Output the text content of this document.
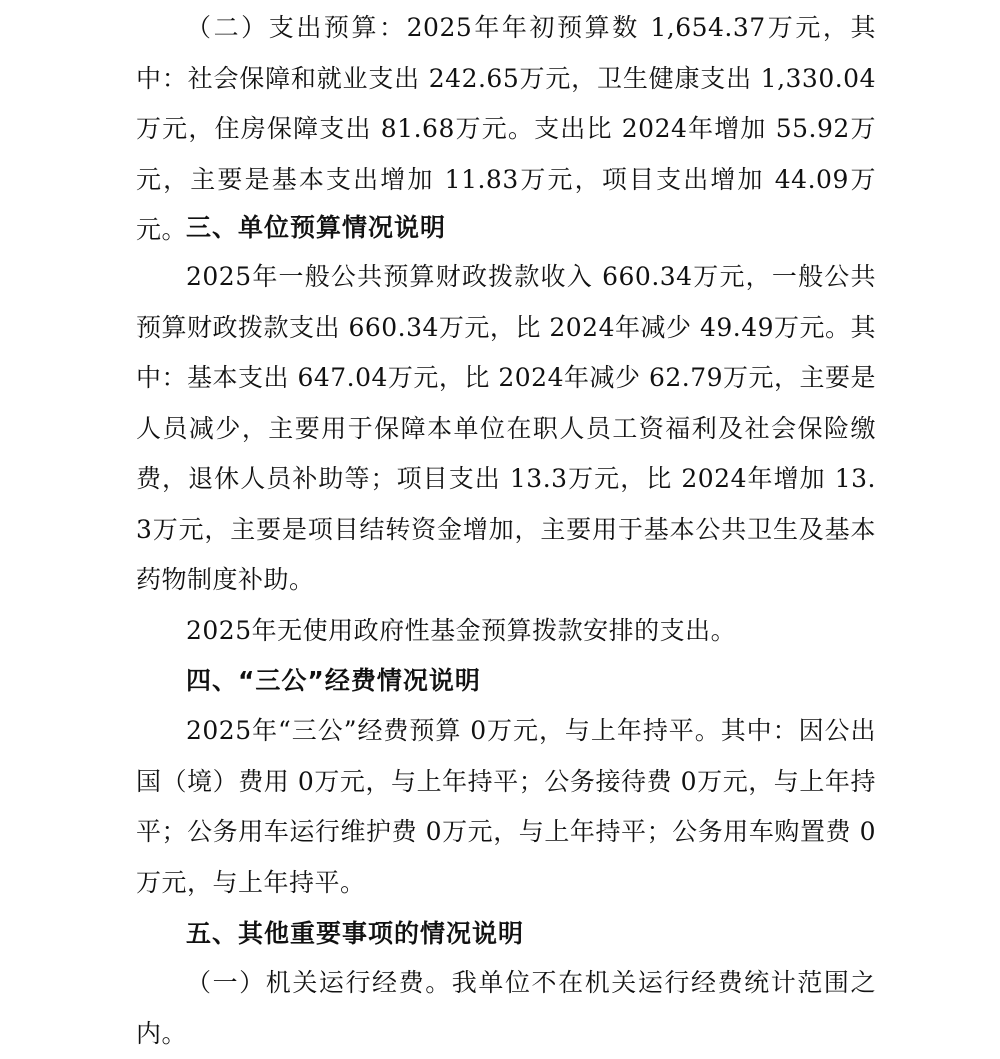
（二）支出预算：2025年年初预算数 1,654.37万元，其中：社会保障和就业支出 242.65万元，卫生健康支出 1,330.04万元，住房保障支出 81.68万元。支出比 2024年增加 55.92万元，主要是基本支出增加 11.83万元，项目支出增加 44.09万元。

三、单位预算情况说明

2025年一般公共预算财政拨款收入 660.34万元，一般公共预算财政拨款支出 660.34万元，比 2024年减少 49.49万元。其中：基本支出 647.04万元，比 2024年减少 62.79万元，主要是人员减少，主要用于保障本单位在职人员工资福利及社会保险缴费，退休人员补助等；项目支出 13.3万元，比 2024年增加 13.3万元，主要是项目结转资金增加，主要用于基本公共卫生及基本药物制度补助。

2025年无使用政府性基金预算拨款安排的支出。

四、“三公”经费情况说明

2025年“三公”经费预算 0万元，与上年持平。其中：因公出国（境）费用 0万元，与上年持平；公务接待费 0万元，与上年持平；公务用车运行维护费 0万元，与上年持平；公务用车购置费 0万元，与上年持平。

五、其他重要事项的情况说明

（一）机关运行经费。我单位不在机关运行经费统计范围之内。
